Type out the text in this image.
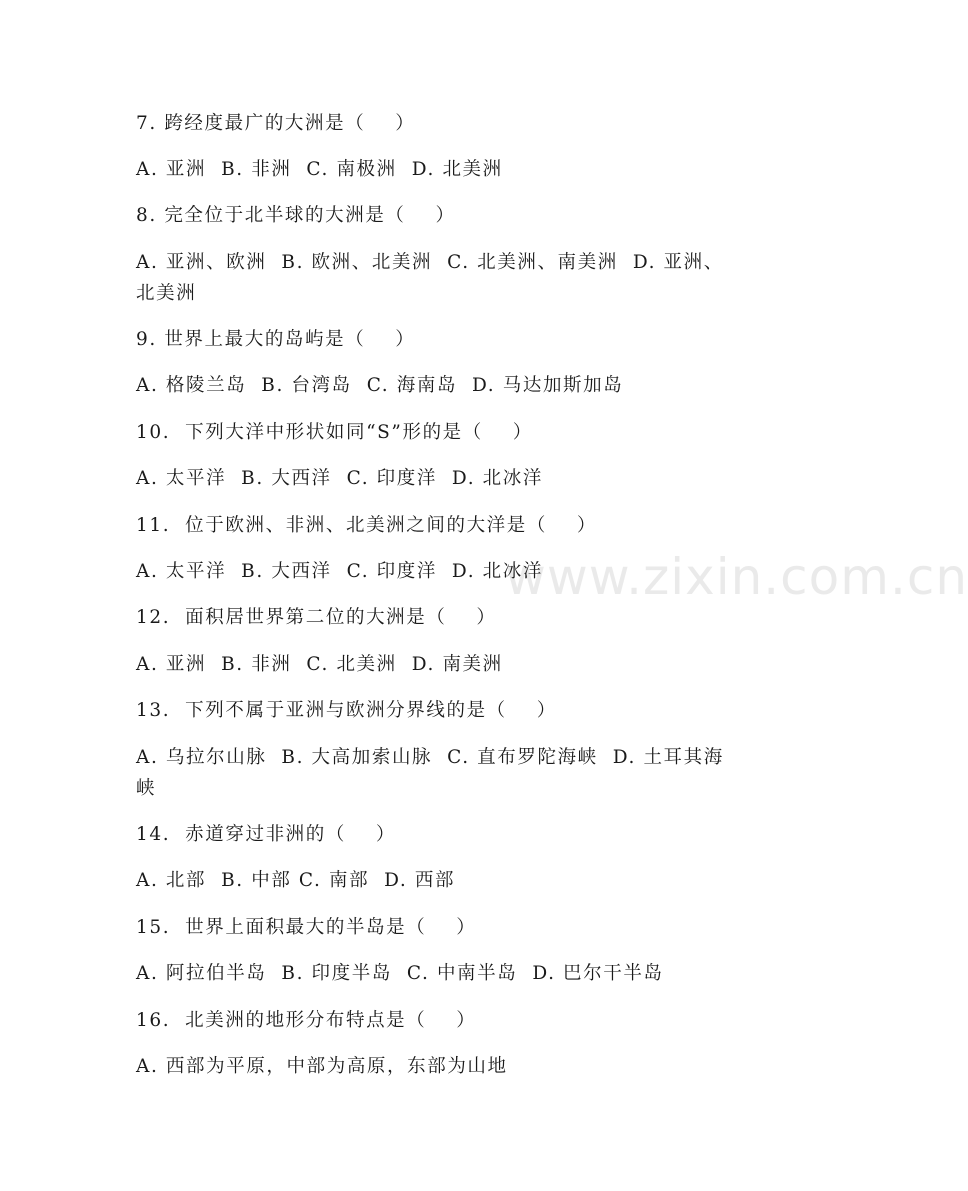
www.zixin.com.cn
7. 跨经度最广的大洲是（    ）
A. 亚洲  B. 非洲  C. 南极洲  D. 北美洲
8. 完全位于北半球的大洲是（    ）
A. 亚洲、欧洲  B. 欧洲、北美洲  C. 北美洲、南美洲  D. 亚洲、
北美洲
9. 世界上最大的岛屿是（    ）
A. 格陵兰岛  B. 台湾岛  C. 海南岛  D. 马达加斯加岛
10.  下列大洋中形状如同“S”形的是（    ）
A. 太平洋  B. 大西洋  C. 印度洋  D. 北冰洋
11.  位于欧洲、非洲、北美洲之间的大洋是（    ）
A. 太平洋  B. 大西洋  C. 印度洋  D. 北冰洋
12.  面积居世界第二位的大洲是（    ）
A. 亚洲  B. 非洲  C. 北美洲  D. 南美洲
13.  下列不属于亚洲与欧洲分界线的是（    ）
A. 乌拉尔山脉  B. 大高加索山脉  C. 直布罗陀海峡  D. 土耳其海
峡
14.  赤道穿过非洲的（    ）
A. 北部  B. 中部 C. 南部  D. 西部
15.  世界上面积最大的半岛是（    ）
A. 阿拉伯半岛  B. 印度半岛  C. 中南半岛  D. 巴尔干半岛
16.  北美洲的地形分布特点是（    ）
A. 西部为平原，中部为高原，东部为山地
